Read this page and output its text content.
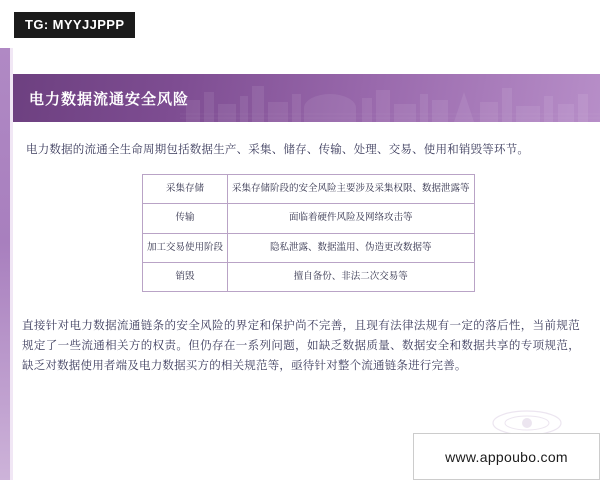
TG: MYYJJPPP
电力数据流通安全风险
电力数据的流通全生命周期包括数据生产、采集、储存、传输、处理、交易、使用和销毁等环节。
采集存储	采集存储阶段的安全风险主要涉及采集权限、数据泄露等
传输	面临着硬件风险及网络攻击等
加工交易使用阶段	隐私泄露、数据滥用、伪造更改数据等
销毁	擅自备份、非法二次交易等
直接针对电力数据流通链条的安全风险的界定和保护尚不完善，且现有法律法规有一定的落后性，当前规范规定了一些流通相关方的权责。但仍存在一系列问题，如缺乏数据质量、数据安全和数据共享的专项规范，缺乏对数据使用者端及电力数据买方的相关规范等，亟待针对整个流通链条进行完善。
www.appoubo.com
